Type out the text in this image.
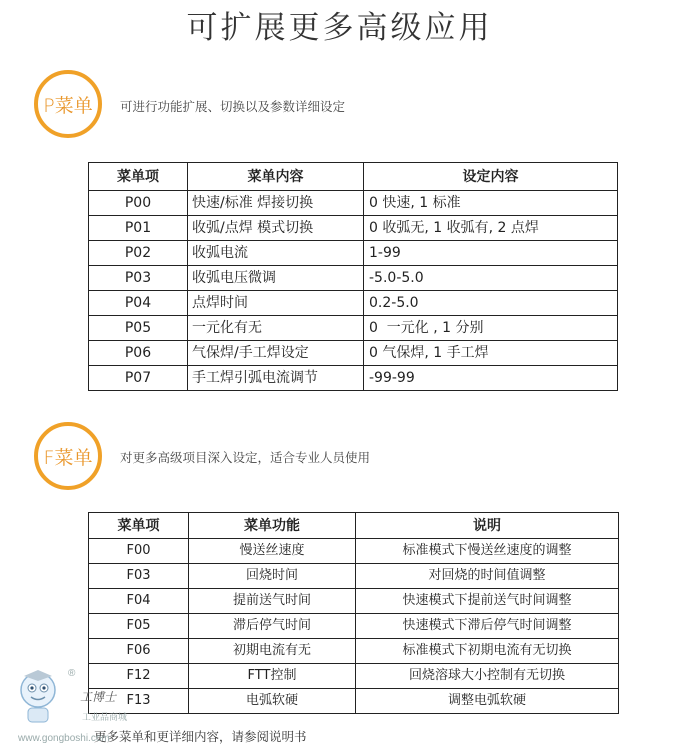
可扩展更多高级应用
P菜单	可进行功能扩展、切换以及参数详细设定
菜单项	菜单内容	设定内容
P00	快速/标准 焊接切换	0 快速, 1 标准
P01	收弧/点焊 模式切换	0 收弧无, 1 收弧有, 2 点焊
P02	收弧电流	1-99
P03	收弧电压微调	-5.0-5.0
P04	点焊时间	0.2-5.0
P05	一元化有无	0  一元化 , 1 分别
P06	气保焊/手工焊设定	0 气保焊, 1 手工焊
P07	手工焊引弧电流调节	-99-99
F菜单	对更多高级项目深入设定，适合专业人员使用
菜单项	菜单功能	说明
F00	慢送丝速度	标准模式下慢送丝速度的调整
F03	回烧时间	对回烧的时间值调整
F04	提前送气时间	快速模式下提前送气时间调整
F05	滞后停气时间	快速模式下滞后停气时间调整
F06	初期电流有无	标准模式下初期电流有无切换
F12	FTT控制	回烧溶球大小控制有无切换
F13	电弧软硬	调整电弧软硬
更多菜单和更详细内容，请参阅说明书
®
工博士
工业品商城
www.gongboshi.com
